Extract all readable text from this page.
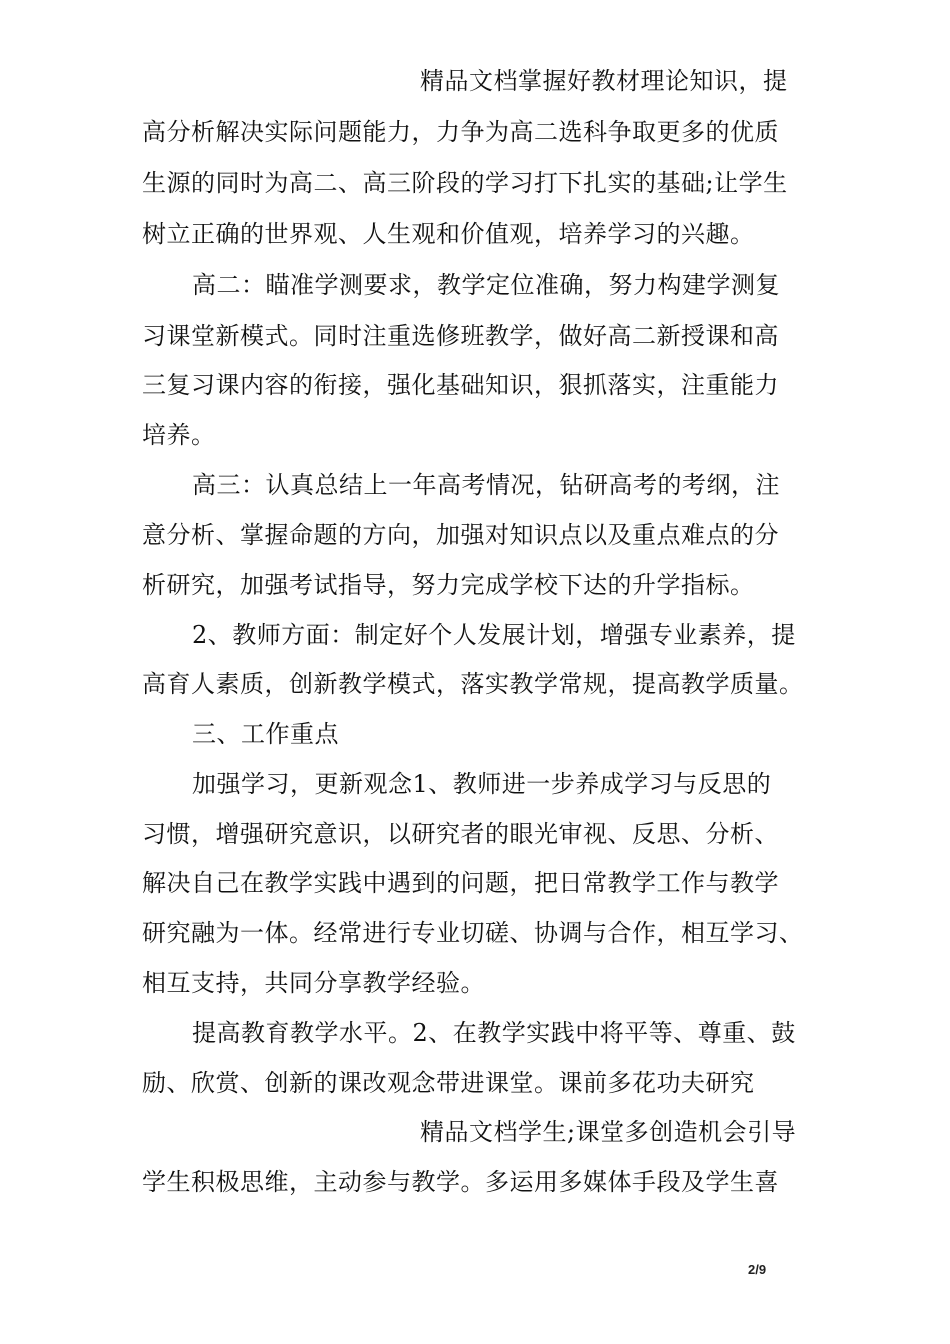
精品文档掌握好教材理论知识，提
高分析解决实际问题能力，力争为高二选科争取更多的优质
生源的同时为高二、高三阶段的学习打下扎实的基础;让学生
树立正确的世界观、人生观和价值观，培养学习的兴趣。
高二：瞄准学测要求，教学定位准确，努力构建学测复
习课堂新模式。同时注重选修班教学，做好高二新授课和高
三复习课内容的衔接，强化基础知识，狠抓落实，注重能力
培养。
高三：认真总结上一年高考情况，钻研高考的考纲，注
意分析、掌握命题的方向，加强对知识点以及重点难点的分
析研究，加强考试指导，努力完成学校下达的升学指标。
2、教师方面：制定好个人发展计划，增强专业素养，提
高育人素质，创新教学模式，落实教学常规，提高教学质量。
三、工作重点
加强学习，更新观念1、教师进一步养成学习与反思的
习惯，增强研究意识，以研究者的眼光审视、反思、分析、
解决自己在教学实践中遇到的问题，把日常教学工作与教学
研究融为一体。经常进行专业切磋、协调与合作，相互学习、
相互支持，共同分享教学经验。
提高教育教学水平。2、在教学实践中将平等、尊重、鼓
励、欣赏、创新的课改观念带进课堂。课前多花功夫研究
精品文档学生;课堂多创造机会引导
学生积极思维，主动参与教学。多运用多媒体手段及学生喜
2/9
